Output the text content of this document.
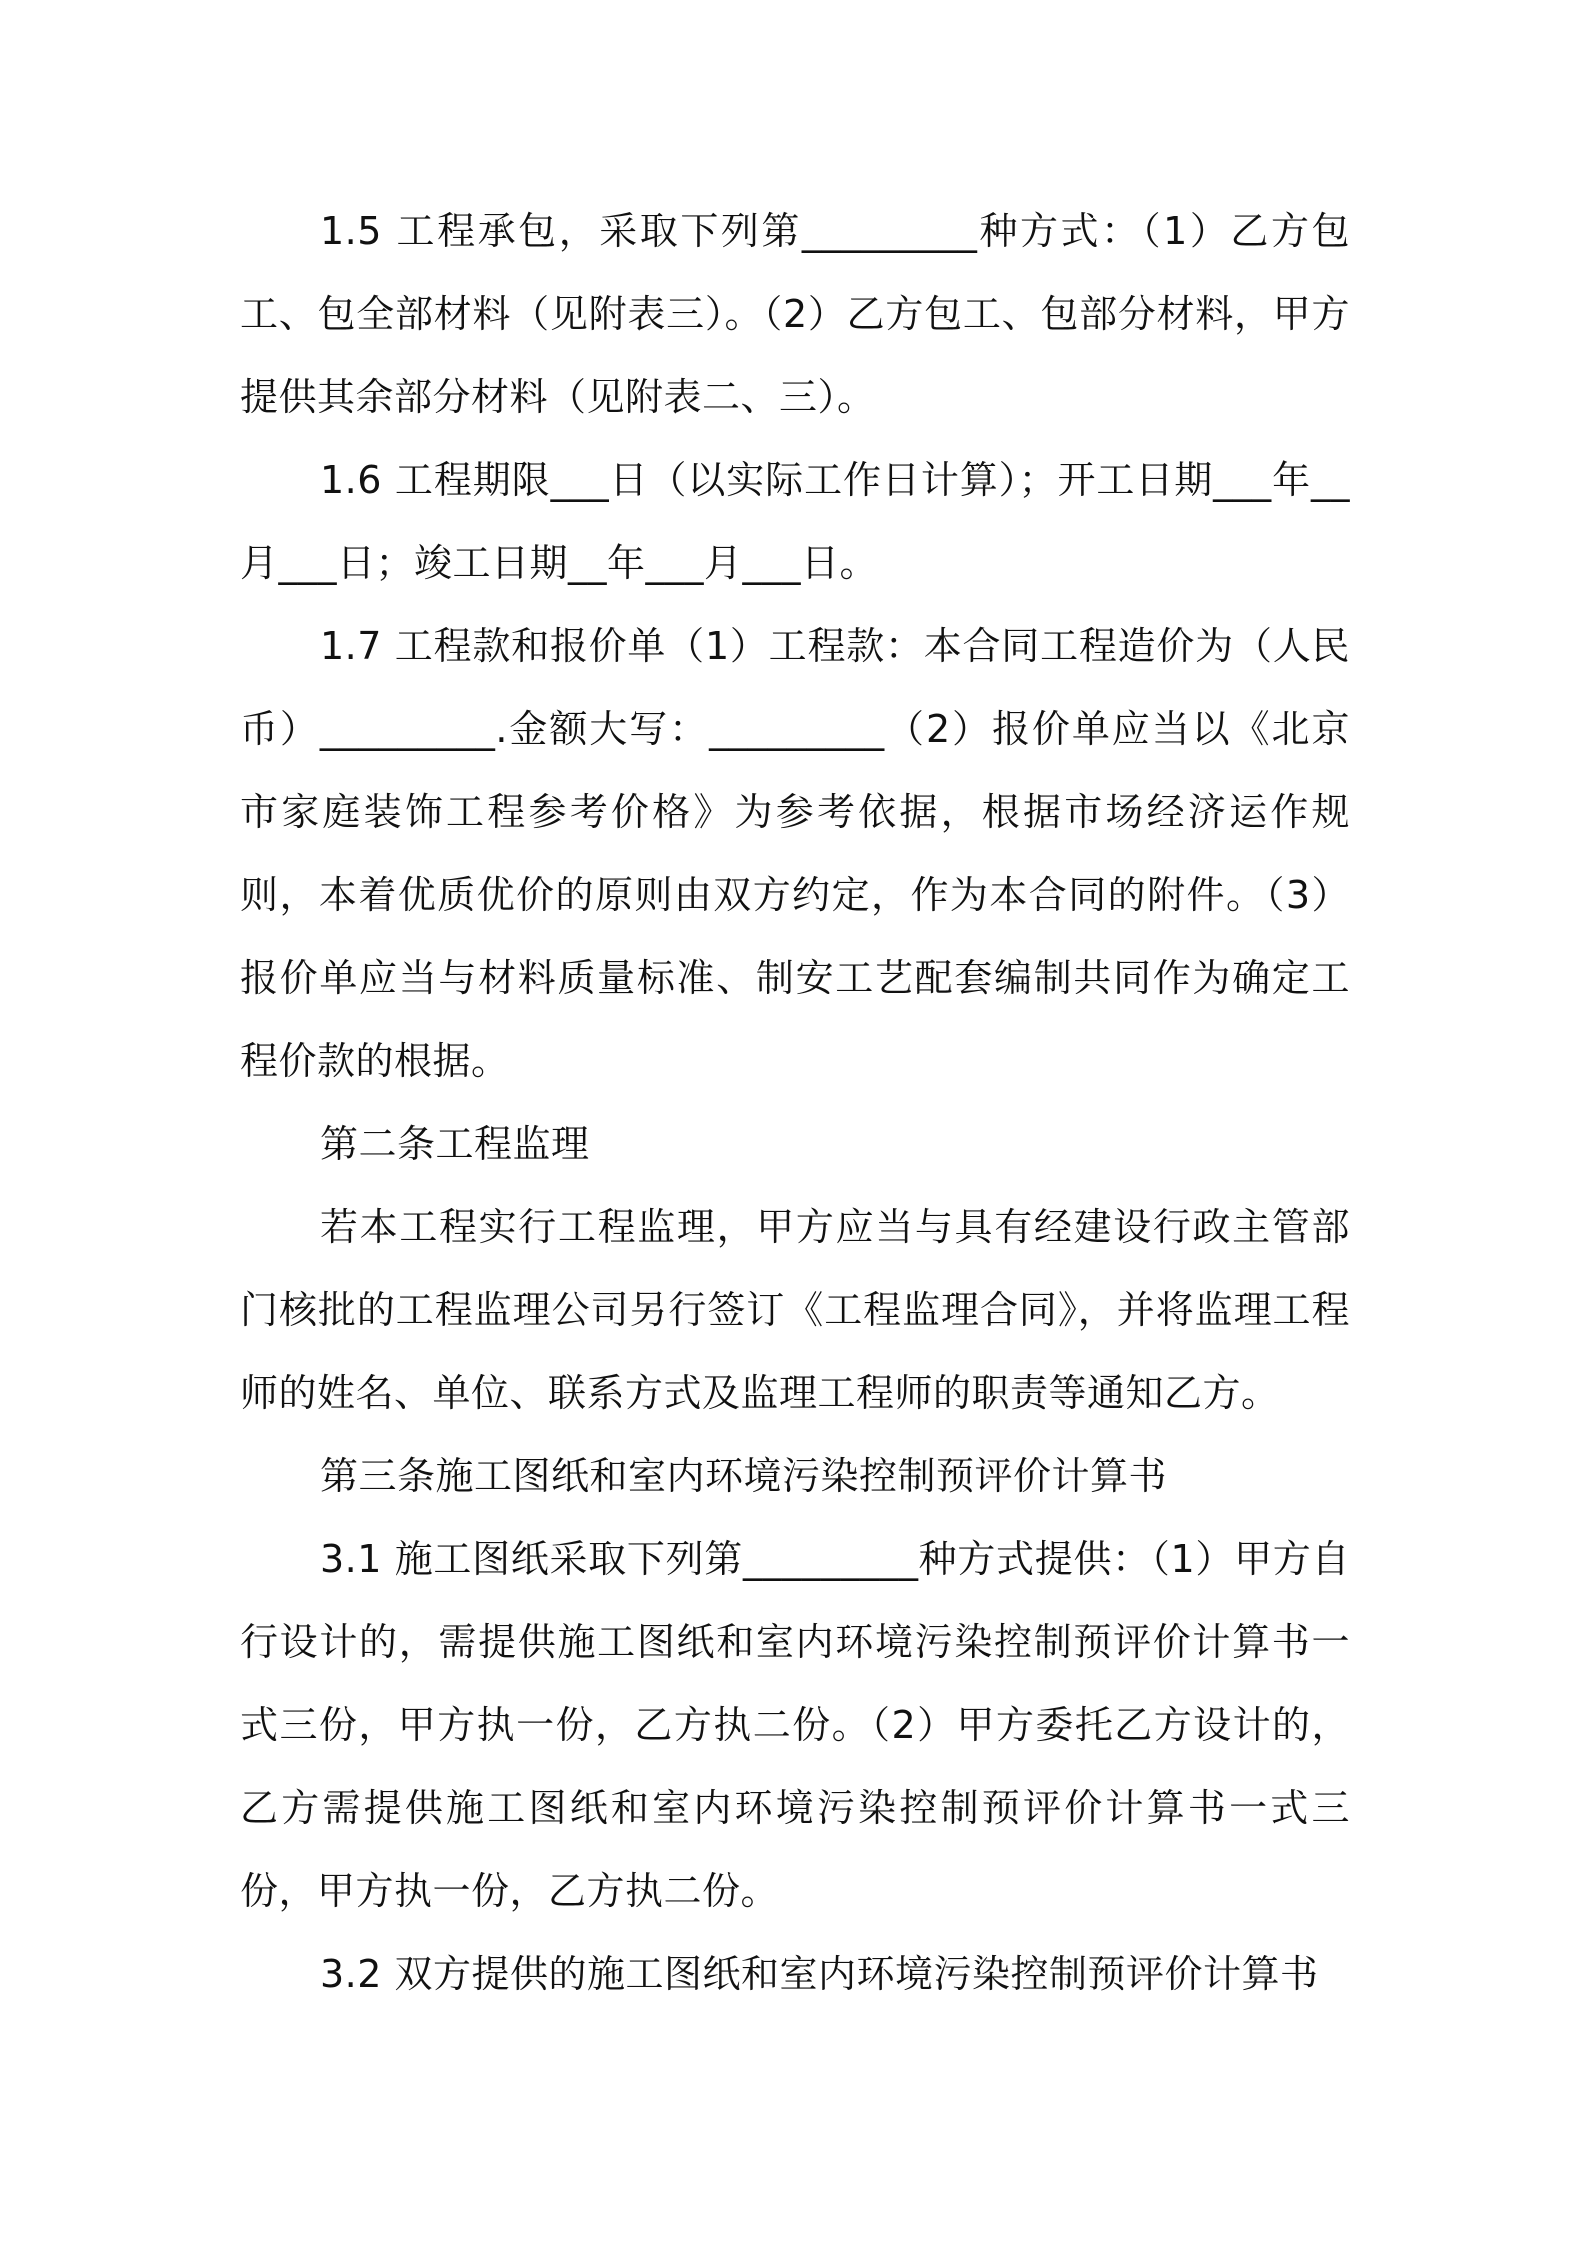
1.5 工程承包，采取下列第_________种方式：（1）乙方包工、包全部材料（见附表三）。（2）乙方包工、包部分材料，甲方提供其余部分材料（见附表二、三）。

1.6 工程期限___日（以实际工作日计算）；开工日期___年__月___日；竣工日期__年___月___日。

1.7 工程款和报价单（1）工程款：本合同工程造价为（人民币）_________.金额大写：_________（2）报价单应当以《北京市家庭装饰工程参考价格》为参考依据，根据市场经济运作规则，本着优质优价的原则由双方约定，作为本合同的附件。（3）报价单应当与材料质量标准、制安工艺配套编制共同作为确定工程价款的根据。

第二条工程监理

若本工程实行工程监理，甲方应当与具有经建设行政主管部门核批的工程监理公司另行签订《工程监理合同》，并将监理工程师的姓名、单位、联系方式及监理工程师的职责等通知乙方。

第三条施工图纸和室内环境污染控制预评价计算书

3.1 施工图纸采取下列第_________种方式提供：（1）甲方自行设计的，需提供施工图纸和室内环境污染控制预评价计算书一式三份，甲方执一份，乙方执二份。（2）甲方委托乙方设计的，乙方需提供施工图纸和室内环境污染控制预评价计算书一式三份，甲方执一份，乙方执二份。

3.2 双方提供的施工图纸和室内环境污染控制预评价计算书
